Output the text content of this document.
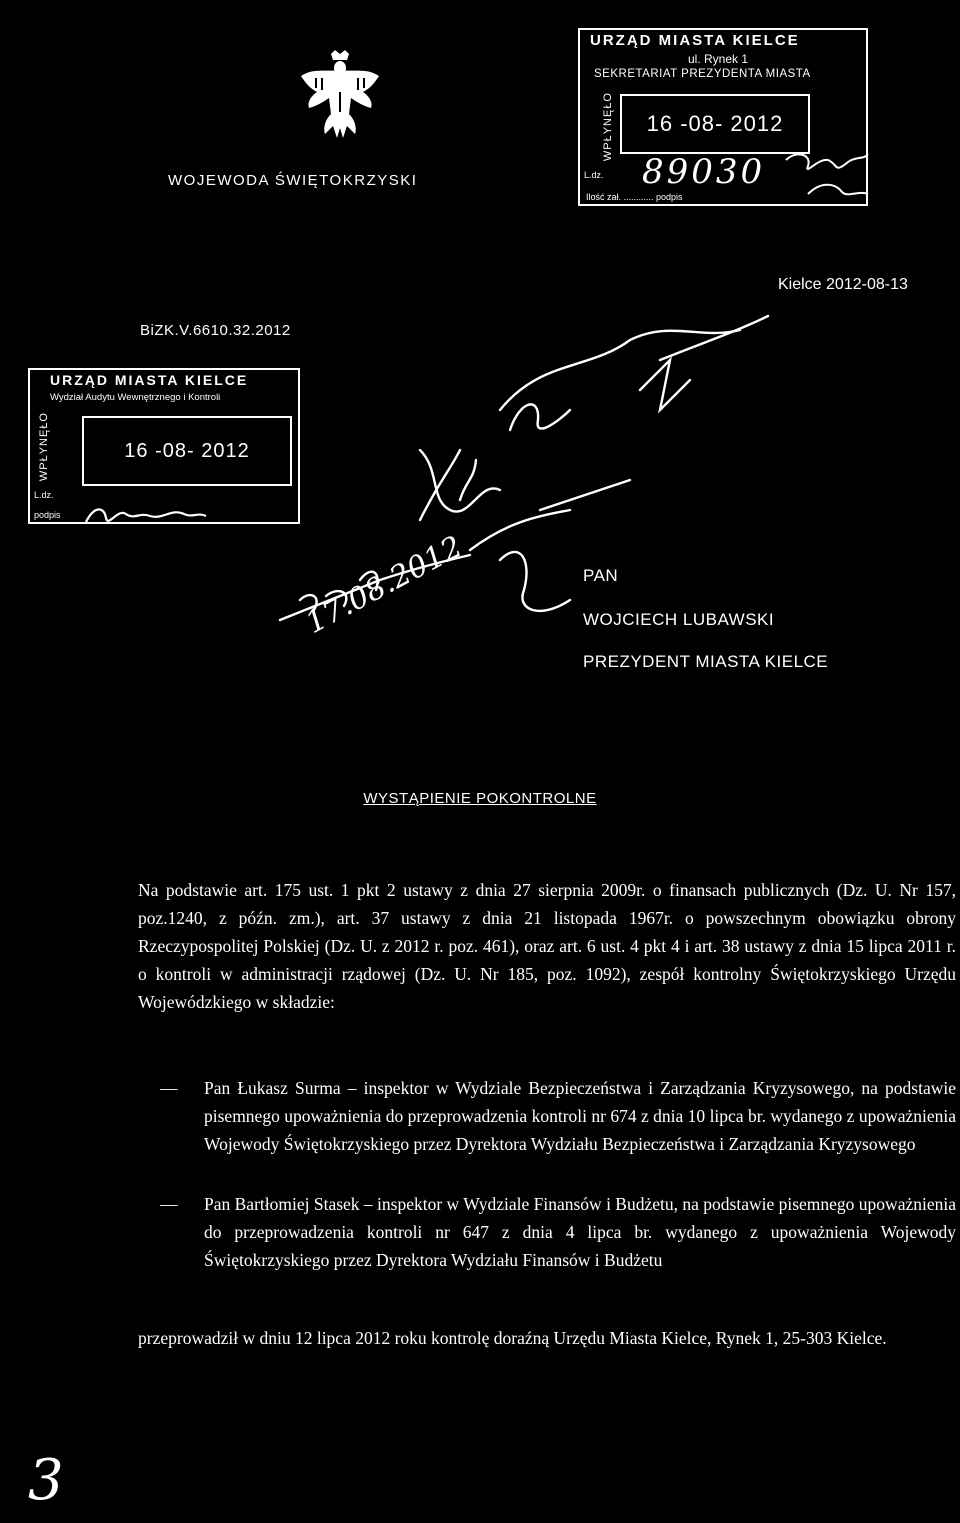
WOJEWODA ŚWIĘTOKRZYSKI
URZĄD MIASTA KIELCE
ul. Rynek 1
SEKRETARIAT PREZYDENTA MIASTA
WPŁYNĘŁO 16 -08- 2012
L.dz. 89030
Ilość zał. ............ podpis
BiZK.V.6610.32.2012
Kielce 2012-08-13
URZĄD MIASTA KIELCE
Wydział Audytu Wewnętrznego i Kontroli
WPŁYNĘŁO	16 -08- 2012
L.dz.
podpis
17.08.2012	PAN
WOJCIECH LUBAWSKI
PREZYDENT MIASTA KIELCE
WYSTĄPIENIE POKONTROLNE
Na podstawie art. 175 ust. 1 pkt 2 ustawy z dnia 27 sierpnia 2009r. o finansach publicznych (Dz. U. Nr 157, poz.1240, z późn. zm.), art. 37 ustawy z dnia 21 listopada 1967r. o powszechnym obowiązku obrony Rzeczypospolitej Polskiej (Dz. U. z 2012 r. poz. 461), oraz art. 6 ust. 4 pkt 4 i art. 38 ustawy z dnia 15 lipca 2011 r. o kontroli w administracji rządowej (Dz. U. Nr 185, poz. 1092), zespół kontrolny Świętokrzyskiego Urzędu Wojewódzkiego w składzie:
—	Pan Łukasz Surma – inspektor w Wydziale Bezpieczeństwa i Zarządzania Kryzysowego, na podstawie pisemnego upoważnienia do przeprowadzenia kontroli nr 674 z dnia 10 lipca br. wydanego z upoważnienia Wojewody Świętokrzyskiego przez Dyrektora Wydziału Bezpieczeństwa i Zarządzania Kryzysowego
—	Pan Bartłomiej Stasek – inspektor w Wydziale Finansów i Budżetu, na podstawie pisemnego upoważnienia do przeprowadzenia kontroli nr 647 z dnia 4 lipca br. wydanego z upoważnienia Wojewody Świętokrzyskiego przez Dyrektora Wydziału Finansów i Budżetu
przeprowadził w dniu 12 lipca 2012 roku kontrolę doraźną Urzędu Miasta Kielce, Rynek 1, 25-303 Kielce.
3
